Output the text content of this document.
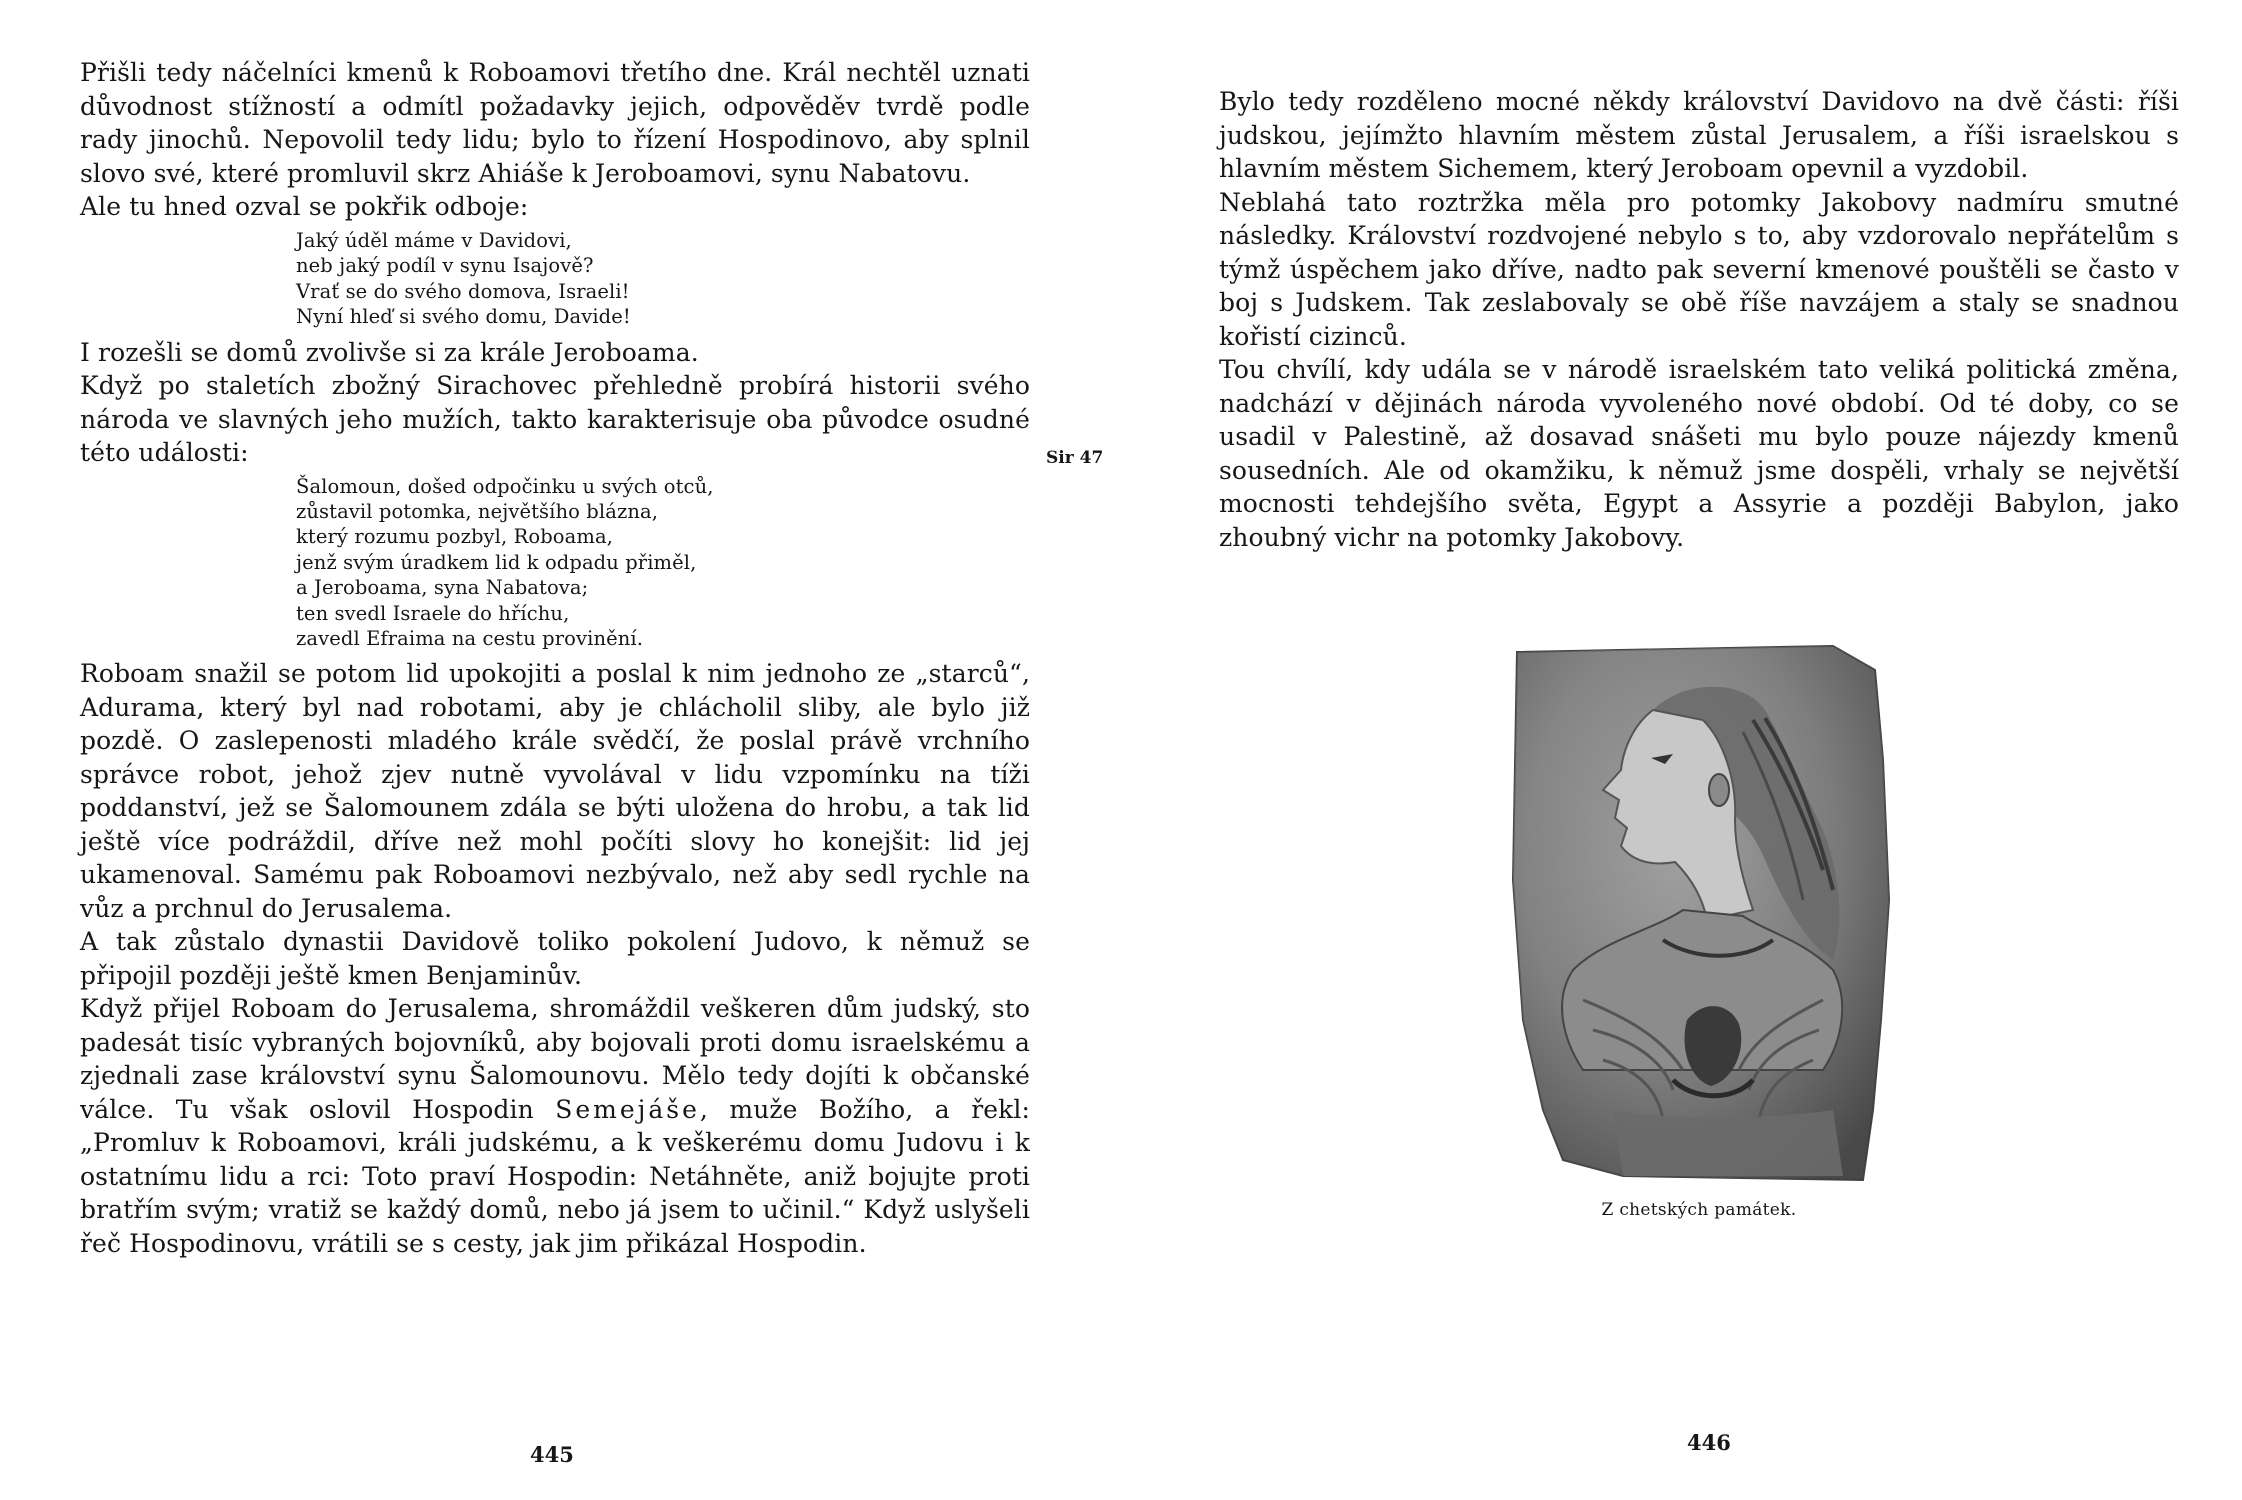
Přišli tedy náčelníci kmenů k Roboamovi třetího dne. Král nechtěl uznati důvodnost stížností a odmítl požadavky jejich, odpověděv tvrdě podle rady jinochů. Nepovolil tedy lidu; bylo to řízení Hospodinovo, aby splnil slovo své, které promluvil skrz Ahiáše k Jeroboamovi, synu Nabatovu.

Ale tu hned ozval se pokřik odboje:

Jaký úděl máme v Davidovi,
neb jaký podíl v synu Isajově?
Vrať se do svého domova, Israeli!
Nyní hleď si svého domu, Davide!

I rozešli se domů zvolivše si za krále Jeroboama.

Když po staletích zbožný Sirachovec přehledně probírá historii svého národa ve slavných jeho mužích, takto karakterisuje oba původce osudné této události:

Šalomoun, došed odpočinku u svých otců,
zůstavil potomka, největšího blázna,
který rozumu pozbyl, Roboama,
jenž svým úradkem lid k odpadu přiměl,
a Jeroboama, syna Nabatova;
ten svedl Israele do hříchu,
zavedl Efraima na cestu provinění.

Roboam snažil se potom lid upokojiti a poslal k nim jednoho ze „starců“, Adurama, který byl nad robotami, aby je chlácholil sliby, ale bylo již pozdě. O zaslepenosti mladého krále svědčí, že poslal právě vrchního správce robot, jehož zjev nutně vyvolával v lidu vzpomínku na tíži poddanství, jež se Šalomounem zdála se býti uložena do hrobu, a tak lid ještě více podráždil, dříve než mohl počíti slovy ho konejšit: lid jej ukamenoval. Samému pak Roboamovi nezbývalo, než aby sedl rychle na vůz a prchnul do Jerusalema.

A tak zůstalo dynastii Davidově toliko pokolení Judovo, k němuž se připojil později ještě kmen Benjaminův.

Když přijel Roboam do Jerusalema, shromáždil veškeren dům judský, sto padesát tisíc vybraných bojovníků, aby bojovali proti domu israelskému a zjednali zase království synu Šalomounovu. Mělo tedy dojíti k občanské válce. Tu však oslovil Hospodin Semejáše, muže Božího, a řekl: „Promluv k Roboamovi, králi judskému, a k veškerému domu Judovu i k ostatnímu lidu a rci: Toto praví Hospodin: Netáhněte, aniž bojujte proti bratřím svým; vratiž se každý domů, nebo já jsem to učinil.“ Když uslyšeli řeč Hospodinovu, vrátili se s cesty, jak jim přikázal Hospodin.

Sir 47
445

Bylo tedy rozděleno mocné někdy království Davidovo na dvě části: říši judskou, jejímžto hlavním městem zůstal Jerusalem, a říši israelskou s hlavním městem Sichemem, který Jeroboam opevnil a vyzdobil.

Neblahá tato roztržka měla pro potomky Jakobovy nadmíru smutné následky. Království rozdvojené nebylo s to, aby vzdorovalo nepřátelům s týmž úspěchem jako dříve, nadto pak severní kmenové pouštěli se často v boj s Judskem. Tak zeslabovaly se obě říše navzájem a staly se snadnou kořistí cizinců.

Tou chvílí, kdy udála se v národě israelském tato veliká politická změna, nadchází v dějinách národa vyvoleného nové období. Od té doby, co se usadil v Palestině, až dosavad snášeti mu bylo pouze nájezdy kmenů sousedních. Ale od okamžiku, k němuž jsme dospěli, vrhaly se největší mocnosti tehdejšího světa, Egypt a Assyrie a později Babylon, jako zhoubný vichr na potomky Jakobovy.

Z chetských památek.
446
